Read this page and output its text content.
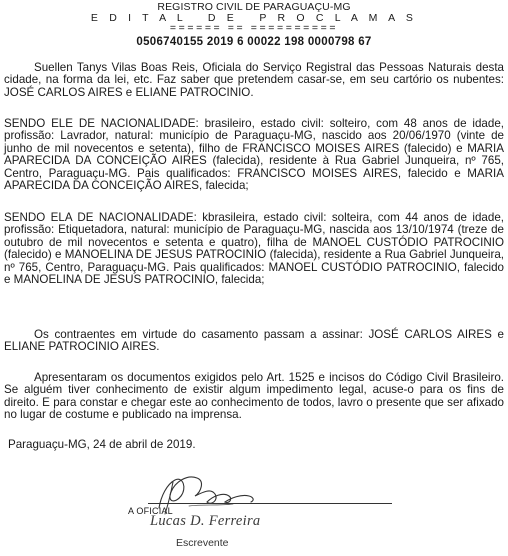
REGISTRO CIVIL DE PARAGUAÇU-MG
E D I T A L   D E   P R O C L A M A S
====== == ==========
0506740155 2019 6 00022 198 0000798 67

Suellen Tanys Vilas Boas Reis, Oficiala do Serviço Registral das Pessoas Naturais desta cidade, na forma da lei, etc. Faz saber que pretendem casar-se, em seu cartório os nubentes: JOSÉ CARLOS AIRES e ELIANE PATROCINIO.

SENDO ELE DE NACIONALIDADE: brasileiro, estado civil: solteiro, com 48 anos de idade, profissão: Lavrador, natural: município de Paraguaçu-MG, nascido aos 20/06/1970 (vinte de junho de mil novecentos e setenta), filho de FRANCISCO MOISES AIRES (falecido) e MARIA APARECIDA DA CONCEIÇÃO AIRES (falecida), residente à Rua Gabriel Junqueira, nº 765, Centro, Paraguaçu-MG. Pais qualificados: FRANCISCO MOISES AIRES, falecido e MARIA APARECIDA DA CONCEIÇÃO AIRES, falecida;

SENDO ELA DE NACIONALIDADE: kbrasileira, estado civil: solteira, com 44 anos de idade, profissão: Etiquetadora, natural: município de Paraguaçu-MG, nascida aos 13/10/1974 (treze de outubro de mil novecentos e setenta e quatro), filha de MANOEL CUSTÓDIO PATROCINIO (falecido) e MANOELINA DE JESUS PATROCINIO (falecida), residente a Rua Gabriel Junqueira, nº 765, Centro, Paraguaçu-MG. Pais qualificados: MANOEL CUSTÓDIO PATROCINIO, falecido e MANOELINA DE JESUS PATROCINIO, falecida;

Os contraentes em virtude do casamento passam a assinar: JOSÉ CARLOS AIRES e ELIANE PATROCINIO AIRES.

Apresentaram os documentos exigidos pelo Art. 1525 e incisos do Código Civil Brasileiro. Se alguém tiver conhecimento de existir algum impedimento legal, acuse-o para os fins de direito. E para constar e chegar este ao conhecimento de todos, lavro o presente que ser afixado no lugar de costume e publicado na imprensa.

Paraguaçu-MG, 24 de abril de 2019.
A OFICIAL
Lucas D. Ferreira
Escrevente
